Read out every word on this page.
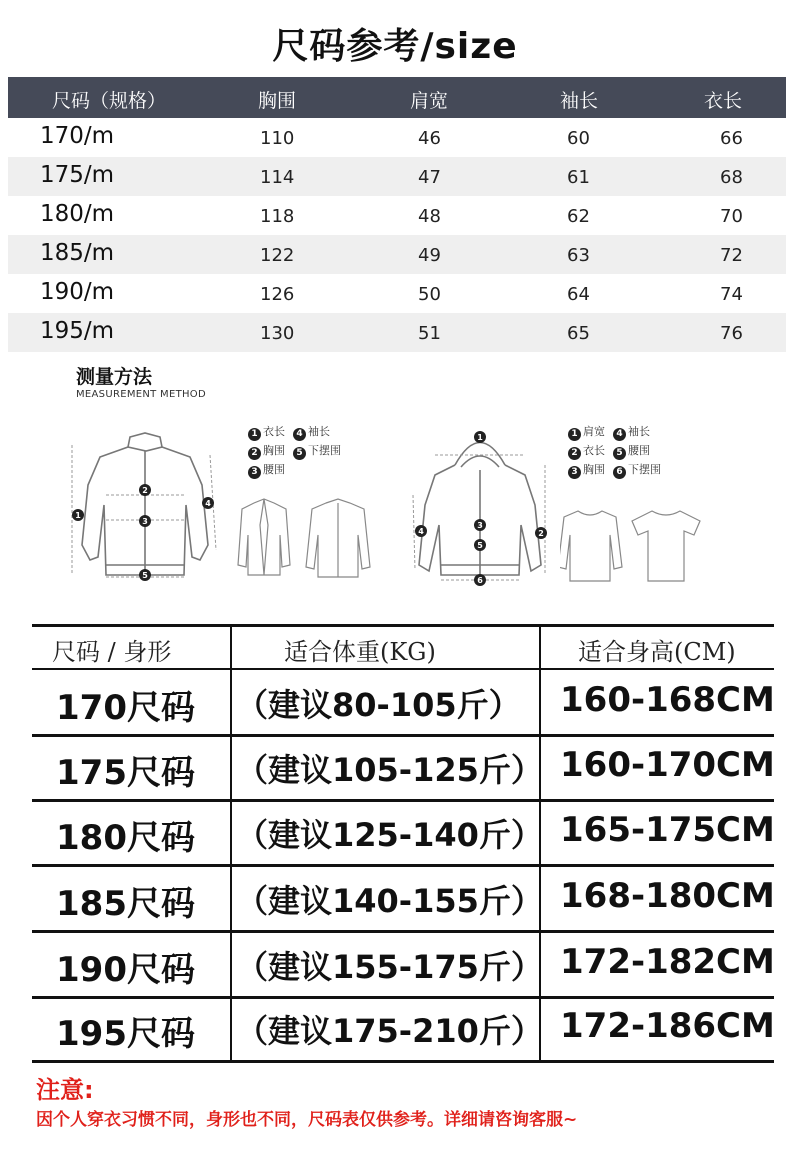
尺码参考/size
尺码（规格）	胸围	肩宽	袖长	衣长
170/m	110	46	60	66
175/m	114	47	61	68
180/m	118	48	62	70
185/m	122	49	63	72
190/m	126	50	64	74
195/m	130	51	65	76
测量方法
MEASUREMENT METHOD
1 衣长 4 袖长
2 胸围 5 下摆围
3 腰围
1 肩宽 4 袖长
2 衣长 5 腰围
3 胸围 6 下摆围

1
2
3
4
5
1
2
3
4
5
6
尺码 / 身形	适合体重(KG)	适合身高(CM)
170尺码 （建议80-105斤） 160-168CM
175尺码 （建议105-125斤） 160-170CM
180尺码 （建议125-140斤） 165-175CM
185尺码 （建议140-155斤） 168-180CM
190尺码 （建议155-175斤） 172-182CM
195尺码 （建议175-210斤） 172-186CM
注意:
因个人穿衣习惯不同，身形也不同，尺码表仅供参考。详细请咨询客服~
